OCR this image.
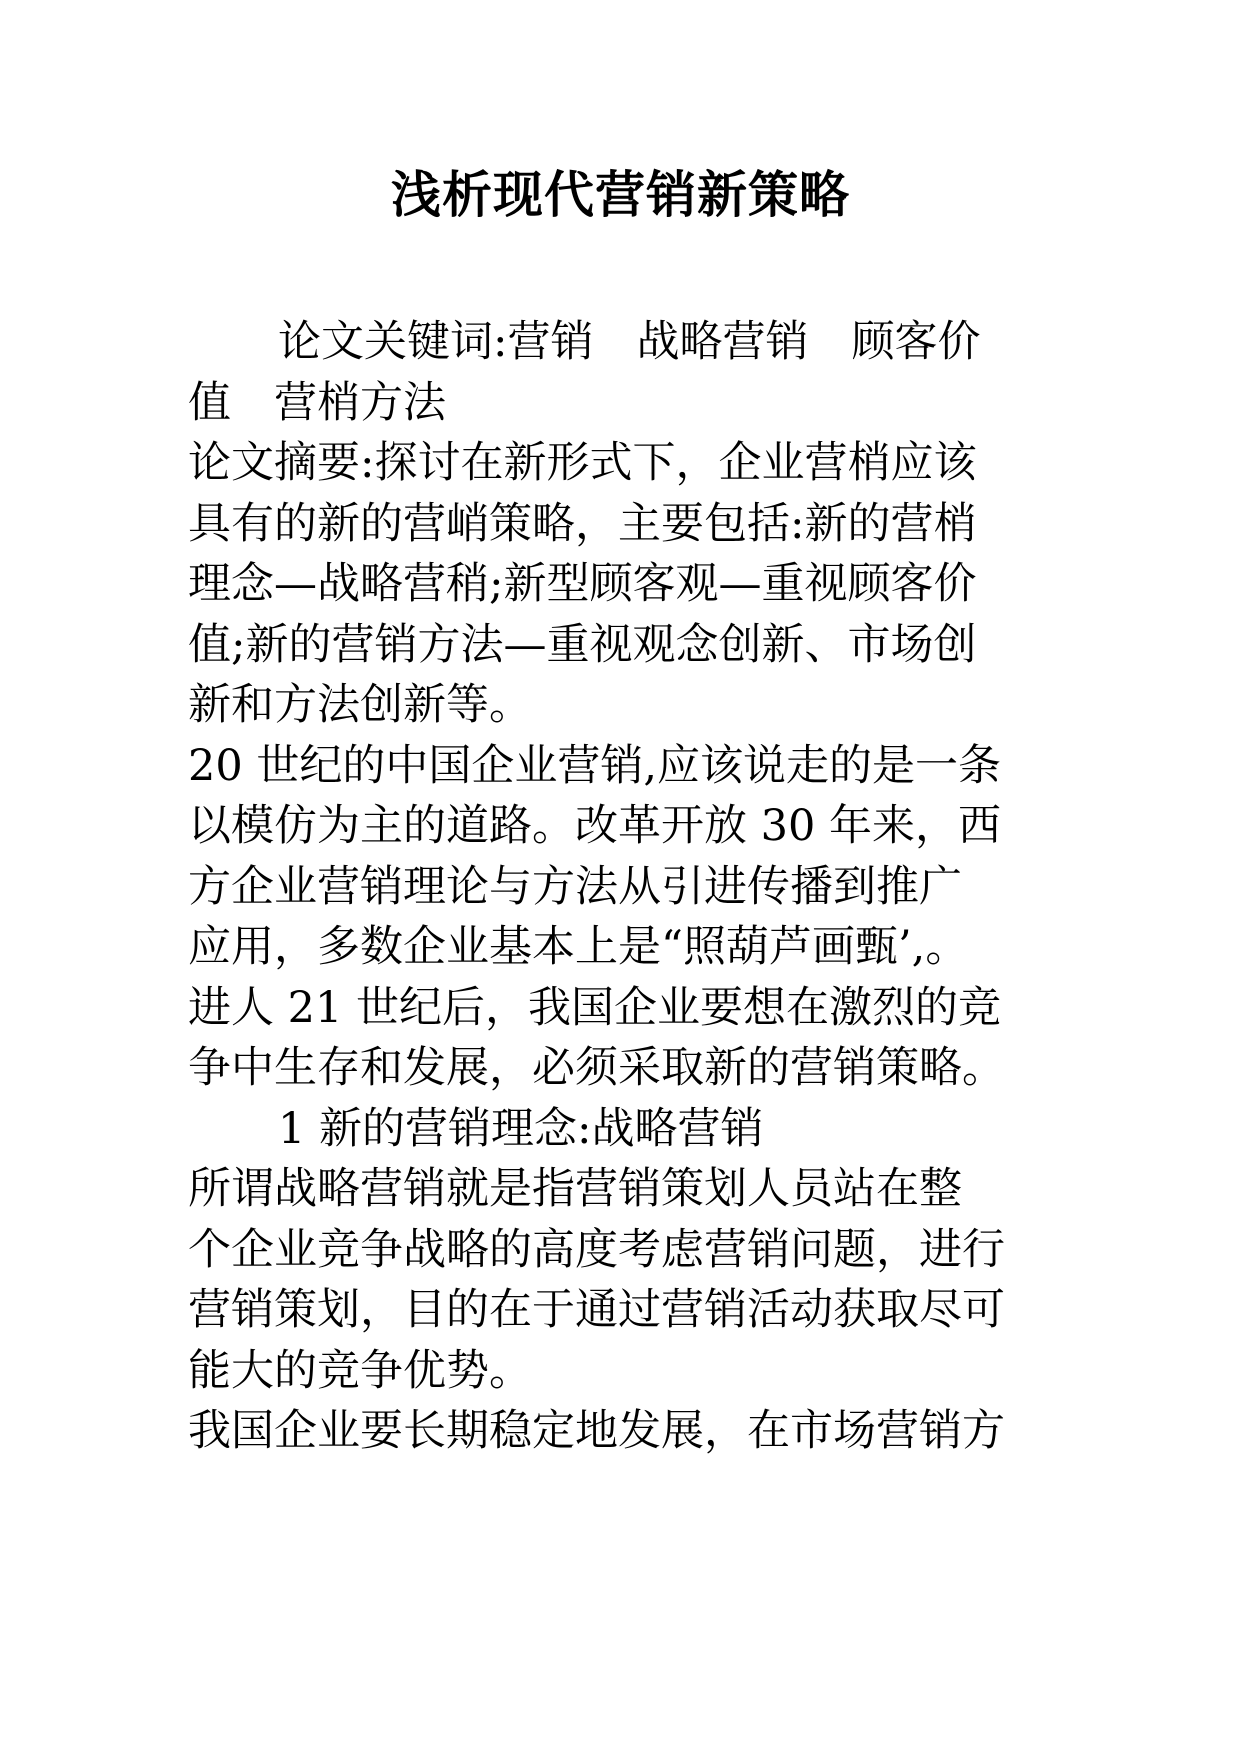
浅析现代营销新策略
论文关键词:营销　战略营销　顾客价
值　营梢方法
论文摘要:探讨在新形式下，企业营梢应该
具有的新的营峭策略，主要包括:新的营梢
理念—战略营稍;新型顾客观—重视顾客价
值;新的营销方法—重视观念创新、市场创
新和方法创新等。
20 世纪的中国企业营销,应该说走的是一条
以模仿为主的道路。改革开放 30 年来，西
方企业营销理论与方法从引进传播到推广
应用，多数企业基本上是“照葫芦画甄’,。
进人 21 世纪后，我国企业要想在激烈的竞
争中生存和发展，必须采取新的营销策略。
1 新的营销理念:战略营销
所谓战略营销就是指营销策划人员站在整
个企业竞争战略的高度考虑营销问题，进行
营销策划，目的在于通过营销活动获取尽可
能大的竞争优势。
我国企业要长期稳定地发展，在市场营销方
